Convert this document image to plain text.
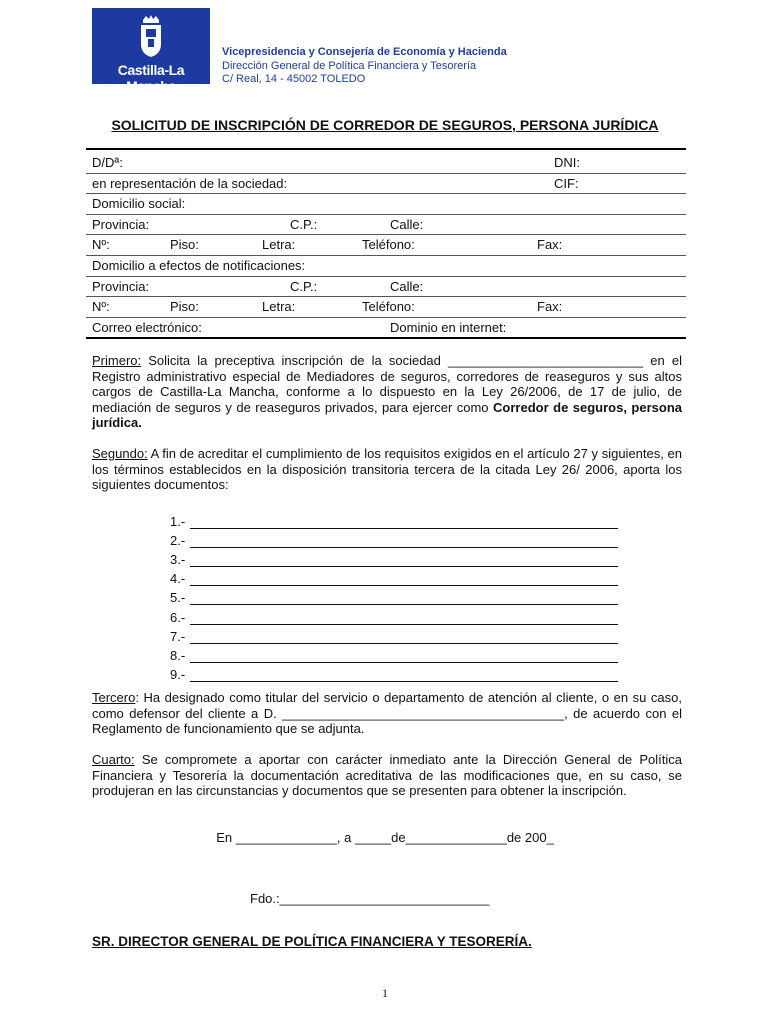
Castilla-La Mancha
Vicepresidencia y Consejería de Economía y Hacienda
Dirección General de Política Financiera y Tesorería
C/ Real, 14 - 45002 TOLEDO
SOLICITUD DE INSCRIPCIÓN DE CORREDOR DE SEGUROS, PERSONA JURÍDICA
D/Dª:	DNI:
en representación de la sociedad:	CIF:
Domicilio social:
Provincia:	C.P.:	Calle:
Nº:	Piso:	Letra:	Teléfono:	Fax:
Domicilio a efectos de notificaciones:
Provincia:	C.P.:	Calle:
Nº:	Piso:	Letra:	Teléfono:	Fax:
Correo electrónico:	Dominio en internet:
Primero: Solicita la preceptiva inscripción de la sociedad ___________________________ en el Registro administrativo especial de Mediadores de seguros, corredores de reaseguros y sus altos cargos de Castilla-La Mancha, conforme a lo dispuesto en la Ley 26/2006, de 17 de julio, de mediación de seguros y de reaseguros privados, para ejercer como Corredor de seguros, persona jurídica.
Segundo: A fin de acreditar el cumplimiento de los requisitos exigidos en el artículo 27 y siguientes, en los términos establecidos en la disposición transitoria tercera de la citada Ley 26/ 2006, aporta los siguientes documentos:
1.-
2.-
3.-
4.-
5.-
6.-
7.-
8.-
9.-
Tercero: Ha designado como titular del servicio o departamento de atención al cliente, o en su caso, como defensor del cliente a D. _______________________________________, de acuerdo con el Reglamento de funcionamiento que se adjunta.
Cuarto: Se compromete a aportar con carácter inmediato ante la Dirección General de Política Financiera y Tesorería la documentación acreditativa de las modificaciones que, en su caso, se produjeran en las circunstancias y documentos que se presenten para obtener la inscripción.
En ______________, a _____de______________de 200_
Fdo.:_____________________________
SR. DIRECTOR GENERAL DE POLÍTICA FINANCIERA Y TESORERÍA.
1
